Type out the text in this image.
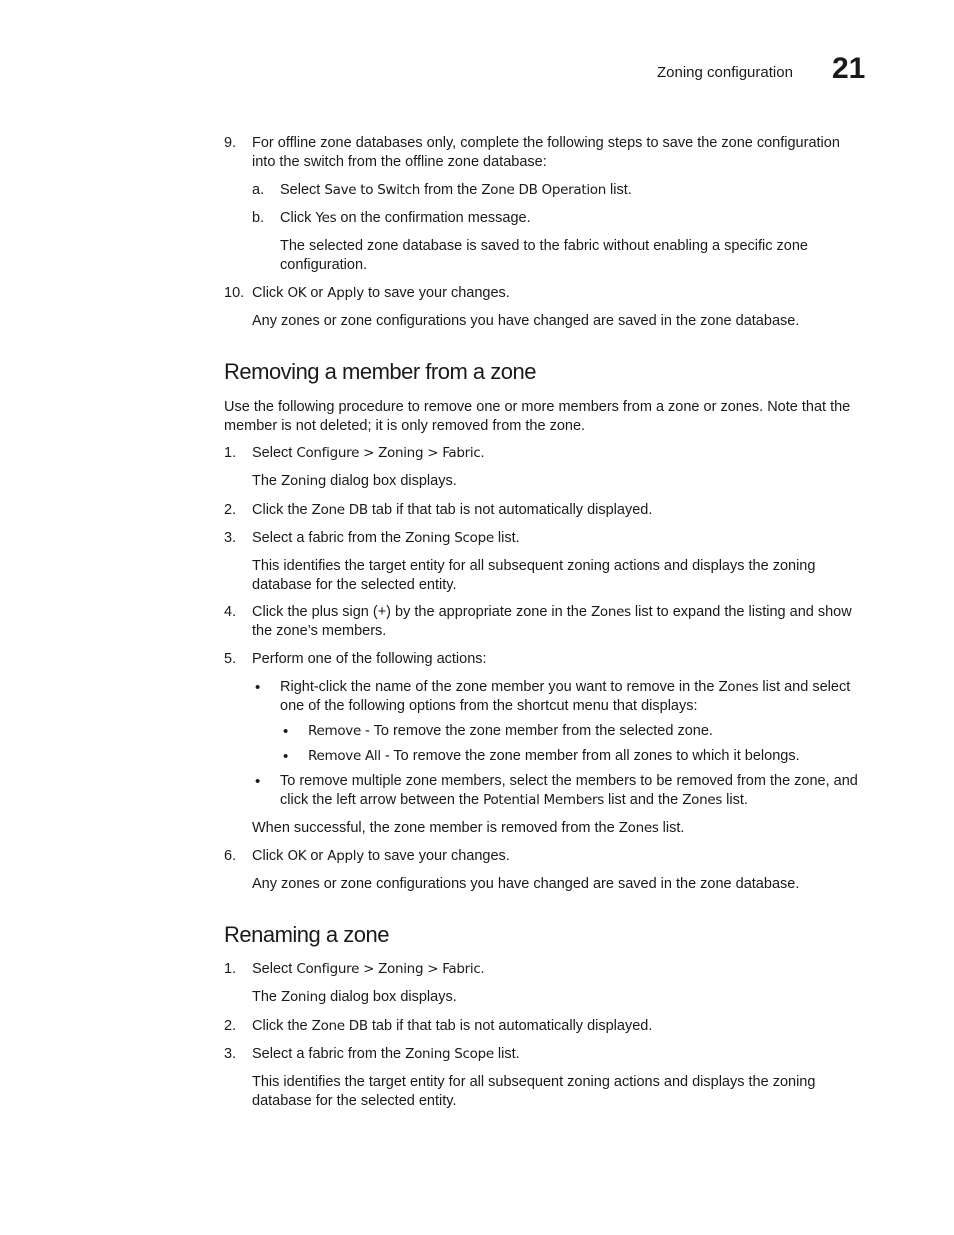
Zoning configuration 21
9. For offline zone databases only, complete the following steps to save the zone configuration into the switch from the offline zone database:
a. Select Save to Switch from the Zone DB Operation list.
b. Click Yes on the confirmation message.
The selected zone database is saved to the fabric without enabling a specific zone configuration.
10. Click OK or Apply to save your changes.
Any zones or zone configurations you have changed are saved in the zone database.
Removing a member from a zone
Use the following procedure to remove one or more members from a zone or zones. Note that the member is not deleted; it is only removed from the zone.
1. Select Configure > Zoning > Fabric.
The Zoning dialog box displays.
2. Click the Zone DB tab if that tab is not automatically displayed.
3. Select a fabric from the Zoning Scope list.
This identifies the target entity for all subsequent zoning actions and displays the zoning database for the selected entity.
4. Click the plus sign (+) by the appropriate zone in the Zones list to expand the listing and show the zone’s members.
5. Perform one of the following actions:
• Right-click the name of the zone member you want to remove in the Zones list and select one of the following options from the shortcut menu that displays:
• Remove - To remove the zone member from the selected zone.
• Remove All - To remove the zone member from all zones to which it belongs.
• To remove multiple zone members, select the members to be removed from the zone, and click the left arrow between the Potential Members list and the Zones list.
When successful, the zone member is removed from the Zones list.
6. Click OK or Apply to save your changes.
Any zones or zone configurations you have changed are saved in the zone database.
Renaming a zone
1. Select Configure > Zoning > Fabric.
The Zoning dialog box displays.
2. Click the Zone DB tab if that tab is not automatically displayed.
3. Select a fabric from the Zoning Scope list.
This identifies the target entity for all subsequent zoning actions and displays the zoning database for the selected entity.
